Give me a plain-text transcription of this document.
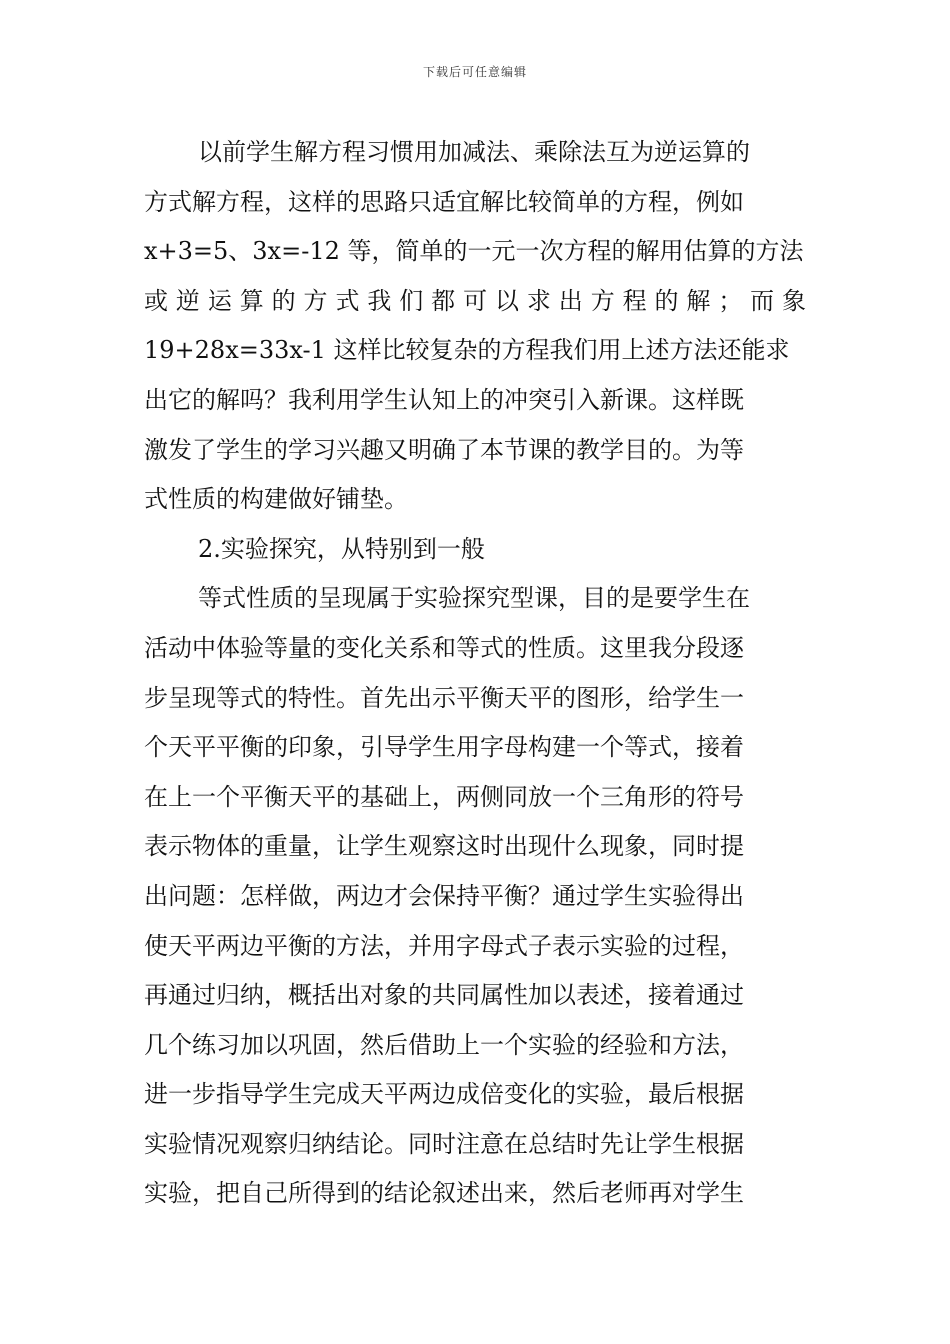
下载后可任意编辑
以前学生解方程习惯用加减法、乘除法互为逆运算的
方式解方程，这样的思路只适宜解比较简单的方程，例如
x+3=5、3x=-12 等，简单的一元一次方程的解用估算的方法
或 逆 运 算 的 方 式 我 们 都 可 以 求 出 方 程 的 解 ； 而 象
19+28x=33x-1 这样比较复杂的方程我们用上述方法还能求
出它的解吗？我利用学生认知上的冲突引入新课。这样既
激发了学生的学习兴趣又明确了本节课的教学目的。为等
式性质的构建做好铺垫。
2.实验探究，从特别到一般
等式性质的呈现属于实验探究型课，目的是要学生在
活动中体验等量的变化关系和等式的性质。这里我分段逐
步呈现等式的特性。首先出示平衡天平的图形，给学生一
个天平平衡的印象，引导学生用字母构建一个等式，接着
在上一个平衡天平的基础上，两侧同放一个三角形的符号
表示物体的重量，让学生观察这时出现什么现象，同时提
出问题：怎样做，两边才会保持平衡？通过学生实验得出
使天平两边平衡的方法，并用字母式子表示实验的过程，
再通过归纳，概括出对象的共同属性加以表述，接着通过
几个练习加以巩固，然后借助上一个实验的经验和方法，
进一步指导学生完成天平两边成倍变化的实验，最后根据
实验情况观察归纳结论。同时注意在总结时先让学生根据
实验，把自己所得到的结论叙述出来，然后老师再对学生
